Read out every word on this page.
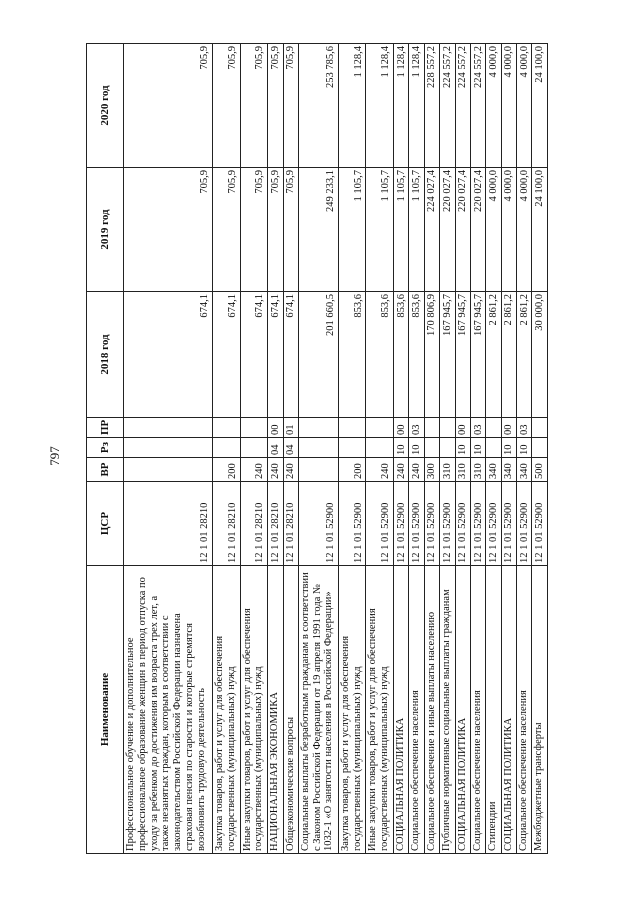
797
Наименование	ЦСР	ВР	Рз	ПР	2018 год	2019 год	2020 год
Профессиональное обучение и дополнительное профессиональное образование женщин в период отпуска по уходу за ребенком до достижения им возраста трех лет, а также незанятых граждан, которым в соответствии с законодательством Российской Федерации назначена страховая пенсия по старости и которые стремятся возобновить трудовую деятельность	12 1 01 28210				674,1	705,9	705,9
Закупка товаров, работ и услуг для обеспечения государственных (муниципальных) нужд	12 1 01 28210	200			674,1	705,9	705,9
Иные закупки товаров, работ и услуг для обеспечения государственных (муниципальных) нужд	12 1 01 28210	240			674,1	705,9	705,9
НАЦИОНАЛЬНАЯ ЭКОНОМИКА	12 1 01 28210	240	04	00	674,1	705,9	705,9
Общеэкономические вопросы	12 1 01 28210	240	04	01	674,1	705,9	705,9
Социальные выплаты безработным гражданам в соответствии с Законом Российской Федерации от 19 апреля 1991 года № 1032-1 «О занятости населения в Российской Федерации»	12 1 01 52900				201 660,5	249 233,1	253 785,6
Закупка товаров, работ и услуг для обеспечения государственных (муниципальных) нужд	12 1 01 52900	200			853,6	1 105,7	1 128,4
Иные закупки товаров, работ и услуг для обеспечения государственных (муниципальных) нужд	12 1 01 52900	240			853,6	1 105,7	1 128,4
СОЦИАЛЬНАЯ ПОЛИТИКА	12 1 01 52900	240	10	00	853,6	1 105,7	1 128,4
Социальное обеспечение населения	12 1 01 52900	240	10	03	853,6	1 105,7	1 128,4
Социальное обеспечение и иные выплаты населению	12 1 01 52900	300			170 806,9	224 027,4	228 557,2
Публичные нормативные социальные выплаты гражданам	12 1 01 52900	310			167 945,7	220 027,4	224 557,2
СОЦИАЛЬНАЯ ПОЛИТИКА	12 1 01 52900	310	10	00	167 945,7	220 027,4	224 557,2
Социальное обеспечение населения	12 1 01 52900	310	10	03	167 945,7	220 027,4	224 557,2
Стипендии	12 1 01 52900	340			2 861,2	4 000,0	4 000,0
СОЦИАЛЬНАЯ ПОЛИТИКА	12 1 01 52900	340	10	00	2 861,2	4 000,0	4 000,0
Социальное обеспечение населения	12 1 01 52900	340	10	03	2 861,2	4 000,0	4 000,0
Межбюджетные трансферты	12 1 01 52900	500			30 000,0	24 100,0	24 100,0
